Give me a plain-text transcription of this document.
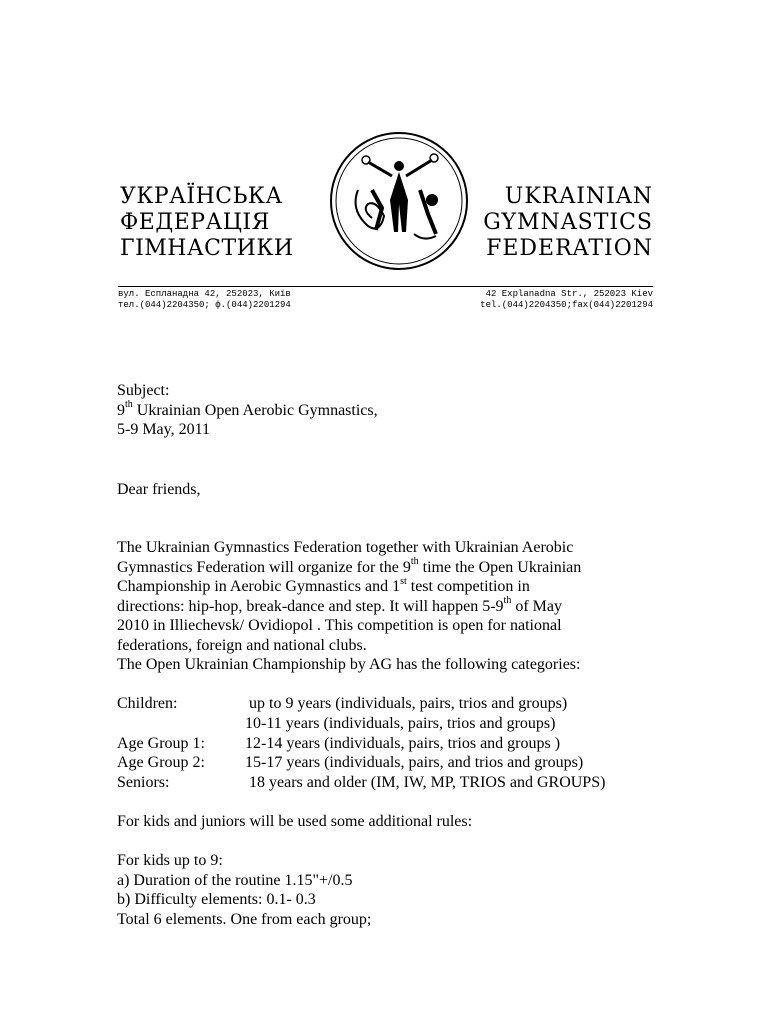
УКРАЇНСЬКА
ФЕДЕРАЦІЯ
ГІМНАСТИКИ
UKRAINIAN
GYMNASTICS
FEDERATION
вул. Еспланадна 42, 252023, Київ
тел.(044)2204350; ф.(044)2201294
42 Explanadna Str., 252023 Kiev
tel.(044)2204350;fax(044)2201294
Subject:
9th Ukrainian Open Aerobic Gymnastics,
5-9 May, 2011
Dear friends,
The Ukrainian Gymnastics Federation together with Ukrainian Aerobic
Gymnastics Federation will organize for the 9th time the Open Ukrainian
Championship in Aerobic Gymnastics and 1st test competition in
directions: hip-hop, break-dance and step. It will happen 5-9th of May
2010 in Illiechevsk/ Ovidiopol . This competition is open for national
federations, foreign and national clubs.
The Open Ukrainian Championship by AG has the following categories:
Children:	up to 9 years (individuals, pairs, trios and groups)
10-11 years (individuals, pairs, trios and groups)
Age Group 1:	12-14 years (individuals, pairs, trios and groups )
Age Group 2:	15-17 years (individuals, pairs, and trios and groups)
Seniors:	18 years and older (IM, IW, MP, TRIOS and GROUPS)
For kids and juniors will be used some additional rules:
For kids up to 9:
a) Duration of the routine 1.15"+/0.5
b) Difficulty elements: 0.1- 0.3
Total 6 elements. One from each group;
